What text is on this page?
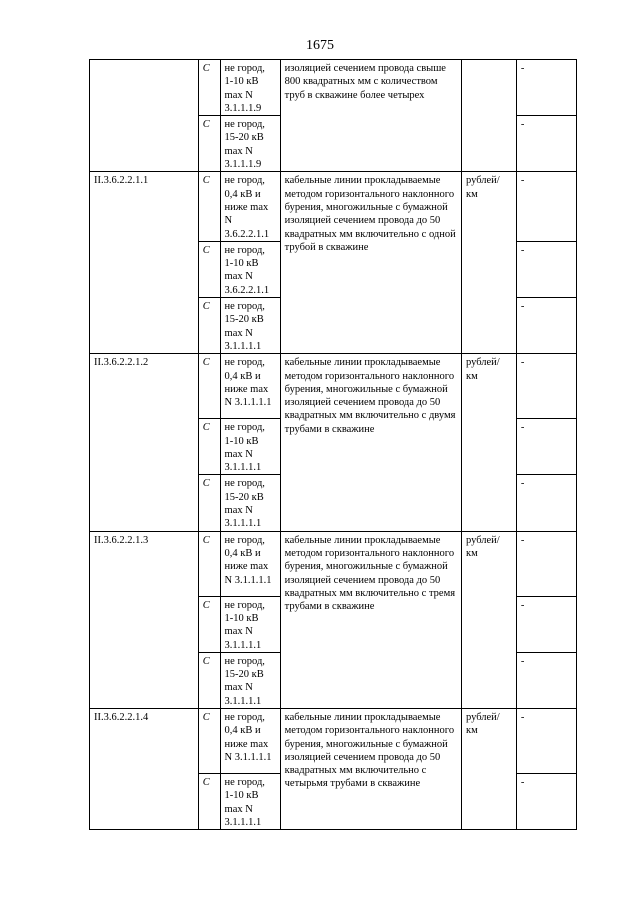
1675
	C	не город, 1-10 кВ max N 3.1.1.1.9	изоляцией сечением провода свыше 800 квадратных мм с количеством труб в скважине более четырех		-
	C	не город, 15-20 кВ max N 3.1.1.1.9			-
II.3.6.2.2.1.1	C	не город, 0,4 кВ и ниже max N 3.6.2.2.1.1	кабельные линии прокладываемые методом горизонтального наклонного бурения, многожильные с бумажной изоляцией сечением провода до 50 квадратных мм включительно с одной трубой в скважине	рублей/ км	-
	C	не город, 1-10 кВ max N 3.6.2.2.1.1			-
	C	не город, 15-20 кВ max N 3.1.1.1.1			-
II.3.6.2.2.1.2	C	не город, 0,4 кВ и ниже max N 3.1.1.1.1	кабельные линии прокладываемые методом горизонтального наклонного бурения, многожильные с бумажной изоляцией сечением провода до 50 квадратных мм включительно с двумя трубами в скважине	рублей/ км	-
	C	не город, 1-10 кВ max N 3.1.1.1.1			-
	C	не город, 15-20 кВ max N 3.1.1.1.1			-
II.3.6.2.2.1.3	C	не город, 0,4 кВ и ниже max N 3.1.1.1.1	кабельные линии прокладываемые методом горизонтального наклонного бурения, многожильные с бумажной изоляцией сечением провода до 50 квадратных мм включительно с тремя трубами в скважине	рублей/ км	-
	C	не город, 1-10 кВ max N 3.1.1.1.1			-
	C	не город, 15-20 кВ max N 3.1.1.1.1			-
II.3.6.2.2.1.4	C	не город, 0,4 кВ и ниже max N 3.1.1.1.1	кабельные линии прокладываемые методом горизонтального наклонного бурения, многожильные с бумажной изоляцией сечением провода до 50 квадратных мм включительно с четырьмя трубами в скважине	рублей/ км	-
	C	не город, 1-10 кВ max N 3.1.1.1.1			-
